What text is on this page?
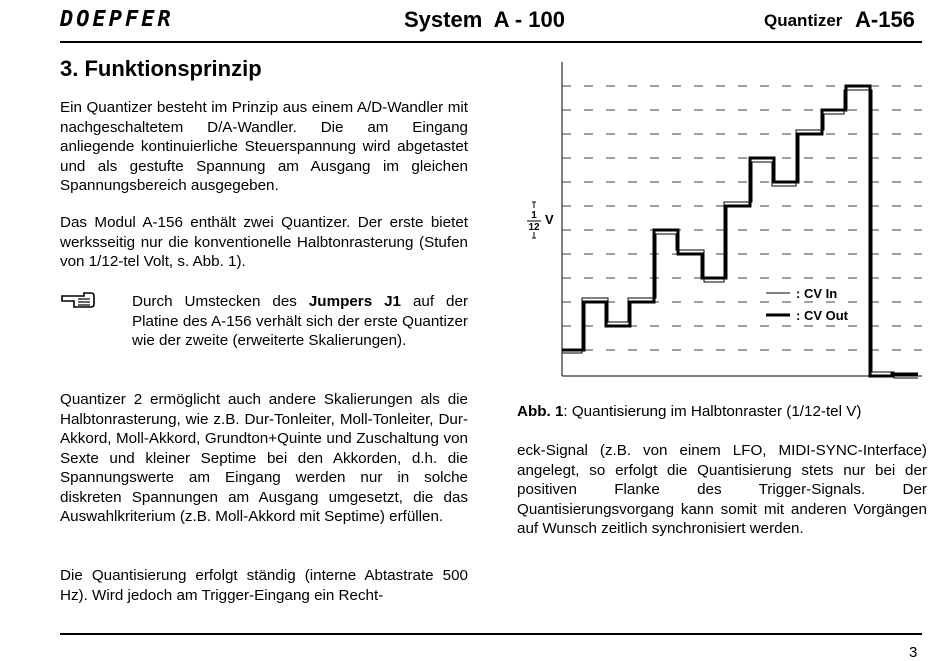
DOEPFER	System  A - 100	Quantizer A-156
3. Funktionsprinzip
Ein Quantizer besteht im Prinzip aus einem A/D-Wandler mit nachgeschaltetem D/A-Wandler. Die am Eingang anliegende kontinuierliche Steuerspannung wird abgetastet und als gestufte Spannung am Ausgang im gleichen Spannungsbereich ausgegeben.
Das Modul A-156 enthält zwei Quantizer. Der erste bietet werksseitig nur die konventionelle Halbtonrasterung (Stufen von 1/12-tel Volt, s. Abb. 1).
Durch Umstecken des Jumpers J1 auf der Platine des A-156 verhält sich der erste Quantizer wie der zweite (erweiterte Skalierungen).
Quantizer 2 ermöglicht auch andere Skalierungen als die Halbtonrasterung, wie z.B. Dur-Tonleiter, Moll-Tonleiter, Dur-Akkord, Moll-Akkord, Grundton+Quinte und Zuschaltung von Sexte und kleiner Septime bei den Akkorden, d.h. die Spannungswerte am Eingang werden nur in solche diskreten Spannungen am Ausgang umgesetzt, die das Auswahlkriterium (z.B. Moll-Akkord mit Septime) erfüllen.
Die Quantisierung erfolgt ständig (interne Abtastrate 500 Hz). Wird jedoch am Trigger-Eingang ein Recht-
1
12
V
: CV In
: CV Out
Abb. 1: Quantisierung im Halbtonraster (1/12-tel V)
eck-Signal (z.B. von einem LFO, MIDI-SYNC-Interface) angelegt, so erfolgt die Quantisierung stets nur bei der positiven Flanke des Trigger-Signals. Der Quantisierungsvorgang kann somit mit anderen Vorgängen auf Wunsch zeitlich synchronisiert werden.
3
